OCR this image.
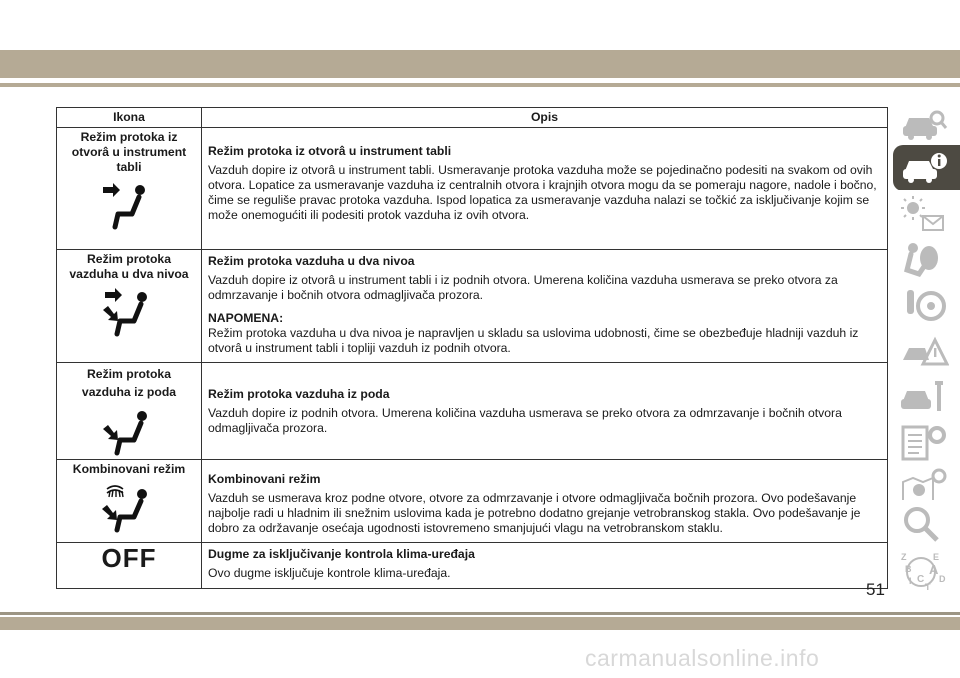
Ikona	Opis

Režim protoka iz otvorâ u instrument tabli	Režim protoka iz otvorâ u instrument tabli

Vazduh dopire iz otvorâ u instrument tabli. Usmeravanje protoka vazduha može se pojedinačno podesiti na svakom od ovih otvora. Lopatice za usmeravanje vazduha iz centralnih otvora i krajnjih otvora mogu da se pomeraju nagore, nadole i bočno, čime se reguliše pravac protoka vazduha. Ispod lopatica za usmeravanje vazduha nalazi se točkić za isključivanje kojim se može onemogućiti ili podesiti protok vazduha iz ovih otvora.

Režim protoka vazduha u dva nivoa	Režim protoka vazduha u dva nivoa

Vazduh dopire iz otvorâ u instrument tabli i iz podnih otvora. Umerena količina vazduha usmerava se preko otvora za odmrzavanje i bočnih otvora odmagljivača prozora.

NAPOMENA:

Režim protoka vazduha u dva nivoa je napravljen u skladu sa uslovima udobnosti, čime se obezbeđuje hladniji vazduh iz otvorâ u instrument tabli i topliji vazduh iz podnih otvora.

Režim protoka vazduha iz poda	Režim protoka vazduha iz poda

Vazduh dopire iz podnih otvora. Umerena količina vazduha usmerava se preko otvora za odmrzavanje i bočnih otvora odmagljivača prozora.

Kombinovani režim	Kombinovani režim

Vazduh se usmerava kroz podne otvore, otvore za odmrzavanje i otvore odmagljivača bočnih prozora. Ovo podešavanje najbolje radi u hladnim ili snežnim uslovima kada je potrebno dodatno grejanje vetrobranskog stakla. Ovo podešavanje je dobro za održavanje osećaja ugodnosti istovremeno smanjujući vlagu na vetrobranskom staklu.

OFF	Dugme za isključivanje kontrola klima-uređaja

Ovo dugme isključuje kontrole klima-uređaja.

Z	E
B A
I C D
T
51
carmanualsonline.info
